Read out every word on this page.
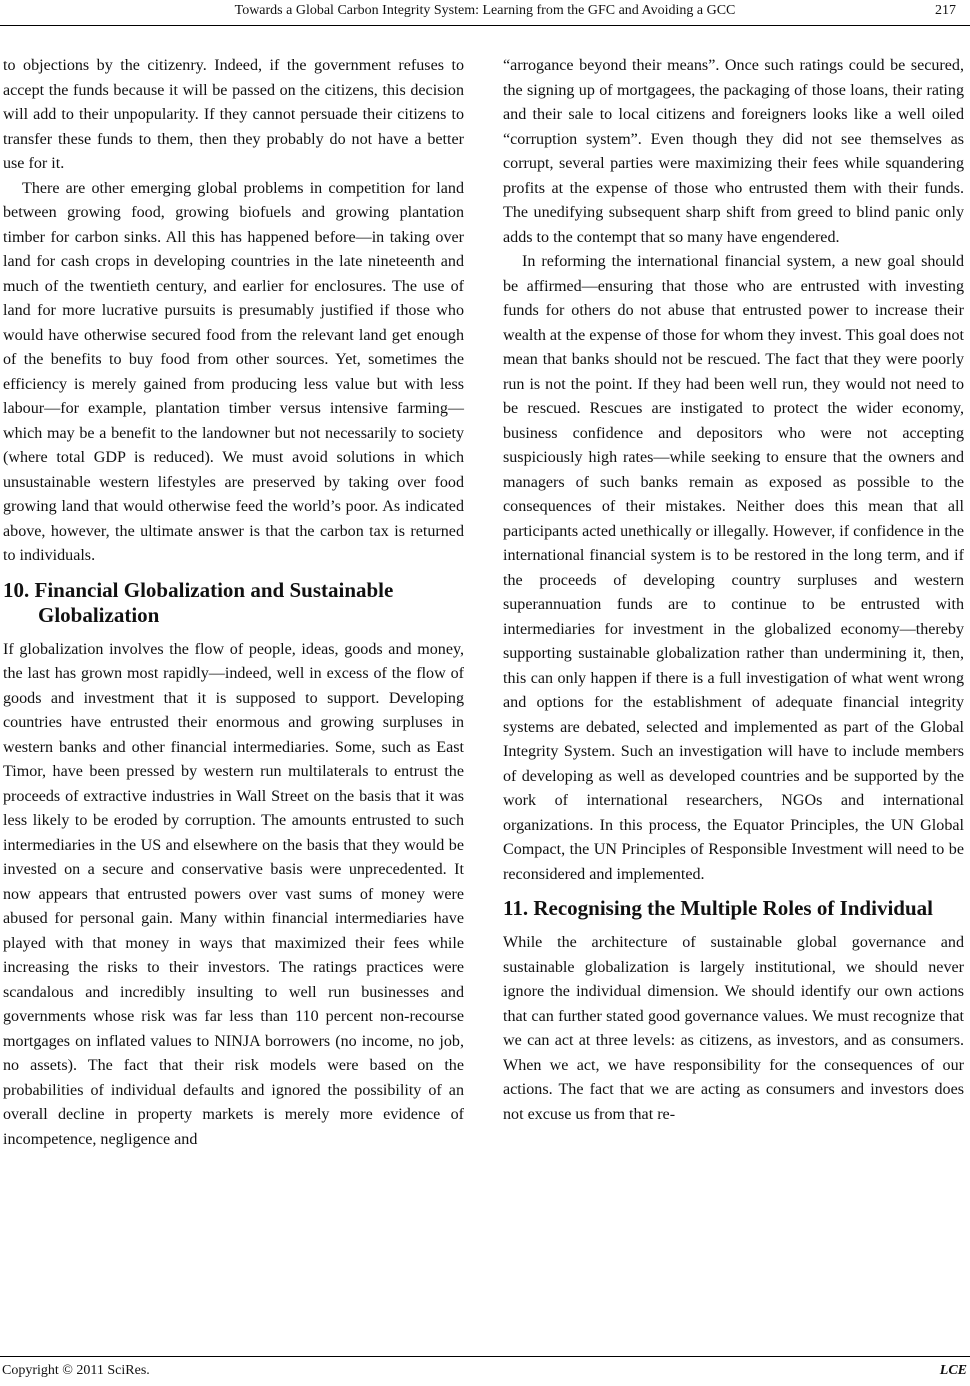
Towards a Global Carbon Integrity System: Learning from the GFC and Avoiding a GCC	217

to objections by the citizenry. Indeed, if the government refuses to accept the funds because it will be passed on the citizens, this decision will add to their unpopularity. If they cannot persuade their citizens to transfer these funds to them, then they probably do not have a better use for it.

There are other emerging global problems in competition for land between growing food, growing biofuels and growing plantation timber for carbon sinks. All this has happened before—in taking over land for cash crops in developing countries in the late nineteenth and much of the twentieth century, and earlier for enclosures. The use of land for more lucrative pursuits is presumably justified if those who would have otherwise secured food from the relevant land get enough of the benefits to buy food from other sources. Yet, sometimes the efficiency is merely gained from producing less value but with less labour—for example, plantation timber versus intensive farming—which may be a benefit to the landowner but not necessarily to society (where total GDP is reduced). We must avoid solutions in which unsustainable western lifestyles are preserved by taking over food growing land that would otherwise feed the world’s poor. As indicated above, however, the ultimate answer is that the carbon tax is returned to individuals.

10. Financial Globalization and Sustainable Globalization

If globalization involves the flow of people, ideas, goods and money, the last has grown most rapidly—indeed, well in excess of the flow of goods and investment that it is supposed to support. Developing countries have entrusted their enormous and growing surpluses in western banks and other financial intermediaries. Some, such as East Timor, have been pressed by western run multilaterals to entrust the proceeds of extractive industries in Wall Street on the basis that it was less likely to be eroded by corruption. The amounts entrusted to such intermediaries in the US and elsewhere on the basis that they would be invested on a secure and conservative basis were unprecedented. It now appears that entrusted powers over vast sums of money were abused for personal gain. Many within financial intermediaries have played with that money in ways that maximized their fees while increasing the risks to their investors. The ratings practices were scandalous and incredibly insulting to well run businesses and governments whose risk was far less than 110 percent non-recourse mortgages on inflated values to NINJA borrowers (no income, no job, no assets). The fact that their risk models were based on the probabilities of individual defaults and ignored the possibility of an overall decline in property markets is merely more evidence of incompetence, negligence and

“arrogance beyond their means”. Once such ratings could be secured, the signing up of mortgagees, the packaging of those loans, their rating and their sale to local citizens and foreigners looks like a well oiled “corruption system”. Even though they did not see themselves as corrupt, several parties were maximizing their fees while squandering profits at the expense of those who entrusted them with their funds. The unedifying subsequent sharp shift from greed to blind panic only adds to the contempt that so many have engendered.

In reforming the international financial system, a new goal should be affirmed—ensuring that those who are entrusted with investing funds for others do not abuse that entrusted power to increase their wealth at the expense of those for whom they invest. This goal does not mean that banks should not be rescued. The fact that they were poorly run is not the point. If they had been well run, they would not need to be rescued. Rescues are instigated to protect the wider economy, business confidence and depositors who were not accepting suspiciously high rates—while seeking to ensure that the owners and managers of such banks remain as exposed as possible to the consequences of their mistakes. Neither does this mean that all participants acted unethically or illegally. However, if confidence in the international financial system is to be restored in the long term, and if the proceeds of developing country surpluses and western superannuation funds are to continue to be entrusted with intermediaries for investment in the globalized economy—thereby supporting sustainable globalization rather than undermining it, then, this can only happen if there is a full investigation of what went wrong and options for the establishment of adequate financial integrity systems are debated, selected and implemented as part of the Global Integrity System. Such an investigation will have to include members of developing as well as developed countries and be supported by the work of international researchers, NGOs and international organizations. In this process, the Equator Principles, the UN Global Compact, the UN Principles of Responsible Investment will need to be reconsidered and implemented.

11. Recognising the Multiple Roles of Individual

While the architecture of sustainable global governance and sustainable globalization is largely institutional, we should never ignore the individual dimension. We should identify our own actions that can further stated good governance values. We must recognize that we can act at three levels: as citizens, as investors, and as consumers. When we act, we have responsibility for the consequences of our actions. The fact that we are acting as consumers and investors does not excuse us from that re-

Copyright © 2011 SciRes.	LCE
